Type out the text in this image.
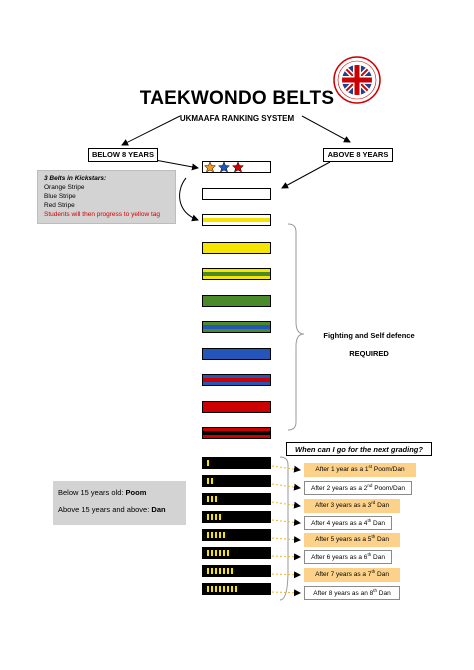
TAEKWONDO BELTS
UKMAAFA RANKING SYSTEM
BELOW 8 YEARS	ABOVE 8 YEARS
3 Belts in Kickstars:
Orange Stripe
Blue Stripe
Red Stripe
Students will then progress to yellow tag
Fighting and Self defence
REQUIRED
When can I go for the next grading?
After 1 year as a 1st Poom/Dan
After 2 years as a 2nd Poom/Dan
After 3 years as a 3rd Dan
After 4 years as a 4th Dan
After 5 years as a 5th Dan
After 6 years as a 6th Dan
After 7 years as a 7th Dan
After 8 years as an 8th Dan
Below 15 years old: Poom
Above 15 years and above: Dan
